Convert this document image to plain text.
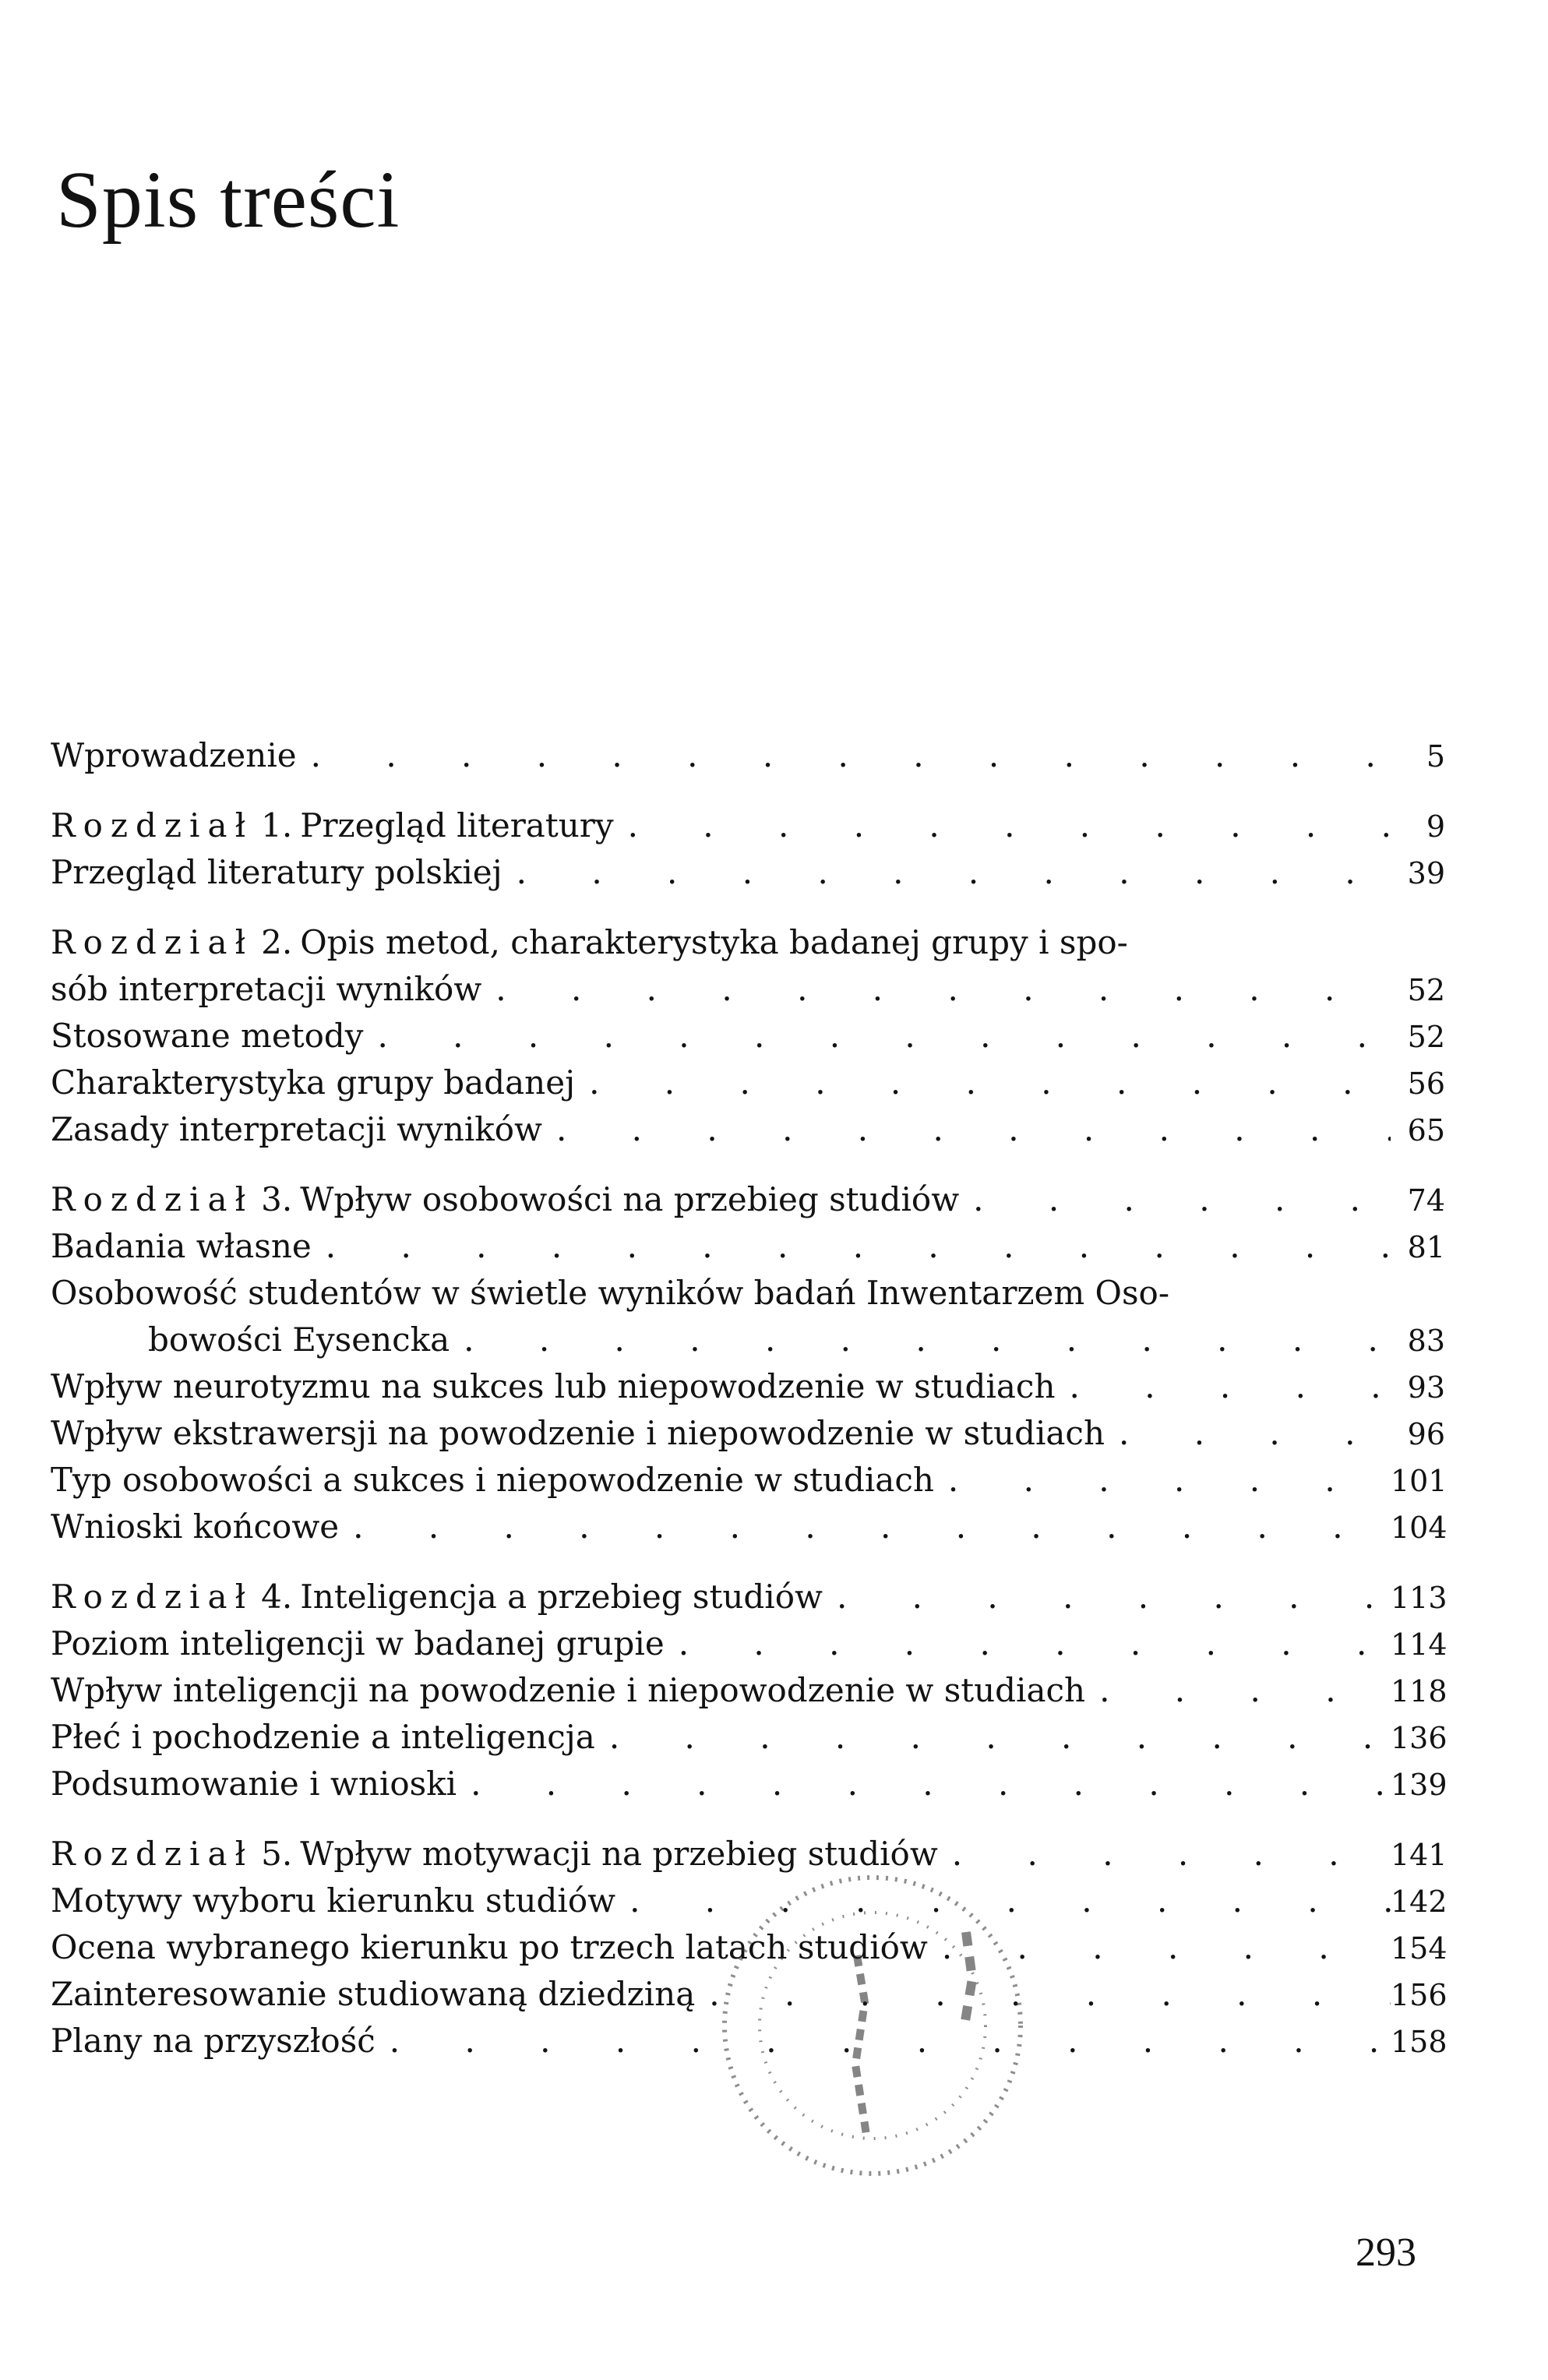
Spis treści
Wprowadzenie . . .	5
Rozdział 1. Przegląd literatury . . .	9
Przegląd literatury polskiej . . .	39
Rozdział 2. Opis metod, charakterystyka badanej grupy i spo-
sób interpretacji wyników . . .	52
Stosowane metody . . .	52
Charakterystyka grupy badanej . . .	56
Zasady interpretacji wyników . . .	65
Rozdział 3. Wpływ osobowości na przebieg studiów . . .	74
Badania własne . . .	81
Osobowość studentów w świetle wyników badań Inwentarzem Oso-
bowości Eysencka . . .	83
Wpływ neurotyzmu na sukces lub niepowodzenie w studiach . . .	93
Wpływ ekstrawersji na powodzenie i niepowodzenie w studiach . . .	96
Typ osobowości a sukces i niepowodzenie w studiach . . .	101
Wnioski końcowe . . .	104
Rozdział 4. Inteligencja a przebieg studiów . . .	113
Poziom inteligencji w badanej grupie . . .	114
Wpływ inteligencji na powodzenie i niepowodzenie w studiach . . .	118
Płeć i pochodzenie a inteligencja . . .	136
Podsumowanie i wnioski . . .	139
Rozdział 5. Wpływ motywacji na przebieg studiów . . .	141
Motywy wyboru kierunku studiów . . .	142
Ocena wybranego kierunku po trzech latach studiów . . .	154
Zainteresowanie studiowaną dziedziną . . .	156
Plany na przyszłość . . .	158
293
